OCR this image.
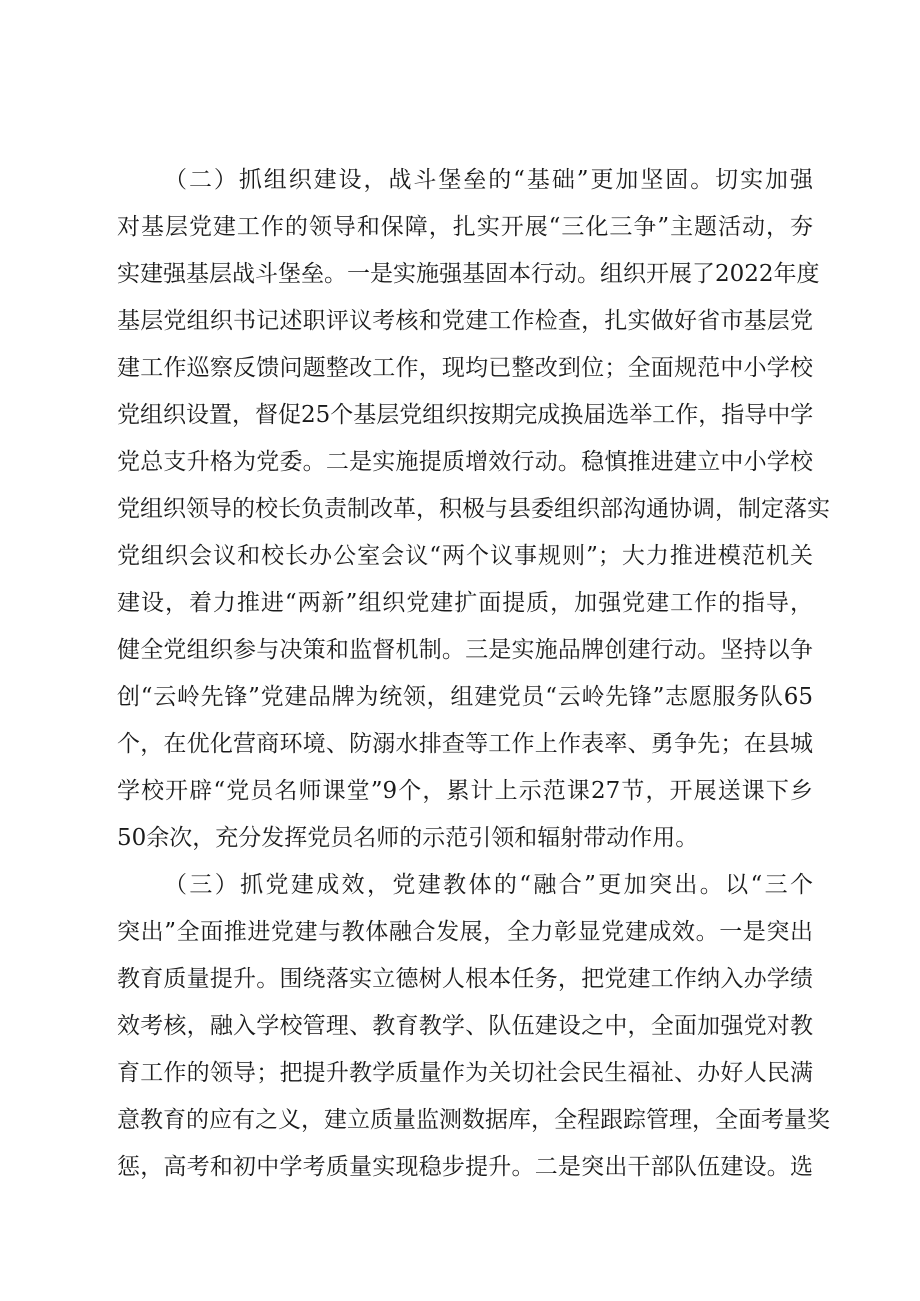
（二）抓组织建设，战斗堡垒的“基础”更加坚固。切实加强
对基层党建工作的领导和保障，扎实开展“三化三争”主题活动，夯
实建强基层战斗堡垒。一是实施强基固本行动。组织开展了2022年度
基层党组织书记述职评议考核和党建工作检查，扎实做好省市基层党
建工作巡察反馈问题整改工作，现均已整改到位；全面规范中小学校
党组织设置，督促25个基层党组织按期完成换届选举工作，指导中学
党总支升格为党委。二是实施提质增效行动。稳慎推进建立中小学校
党组织领导的校长负责制改革，积极与县委组织部沟通协调，制定落实
党组织会议和校长办公室会议“两个议事规则”；大力推进模范机关
建设，着力推进“两新”组织党建扩面提质，加强党建工作的指导，
健全党组织参与决策和监督机制。三是实施品牌创建行动。坚持以争
创“云岭先锋”党建品牌为统领，组建党员“云岭先锋”志愿服务队65
个，在优化营商环境、防溺水排查等工作上作表率、勇争先；在县城
学校开辟“党员名师课堂”9个，累计上示范课27节，开展送课下乡
50余次，充分发挥党员名师的示范引领和辐射带动作用。
（三）抓党建成效，党建教体的“融合”更加突出。以“三个
突出”全面推进党建与教体融合发展，全力彰显党建成效。一是突出
教育质量提升。围绕落实立德树人根本任务，把党建工作纳入办学绩
效考核，融入学校管理、教育教学、队伍建设之中，全面加强党对教
育工作的领导；把提升教学质量作为关切社会民生福祉、办好人民满
意教育的应有之义，建立质量监测数据库，全程跟踪管理，全面考量奖
惩，高考和初中学考质量实现稳步提升。二是突出干部队伍建设。选
